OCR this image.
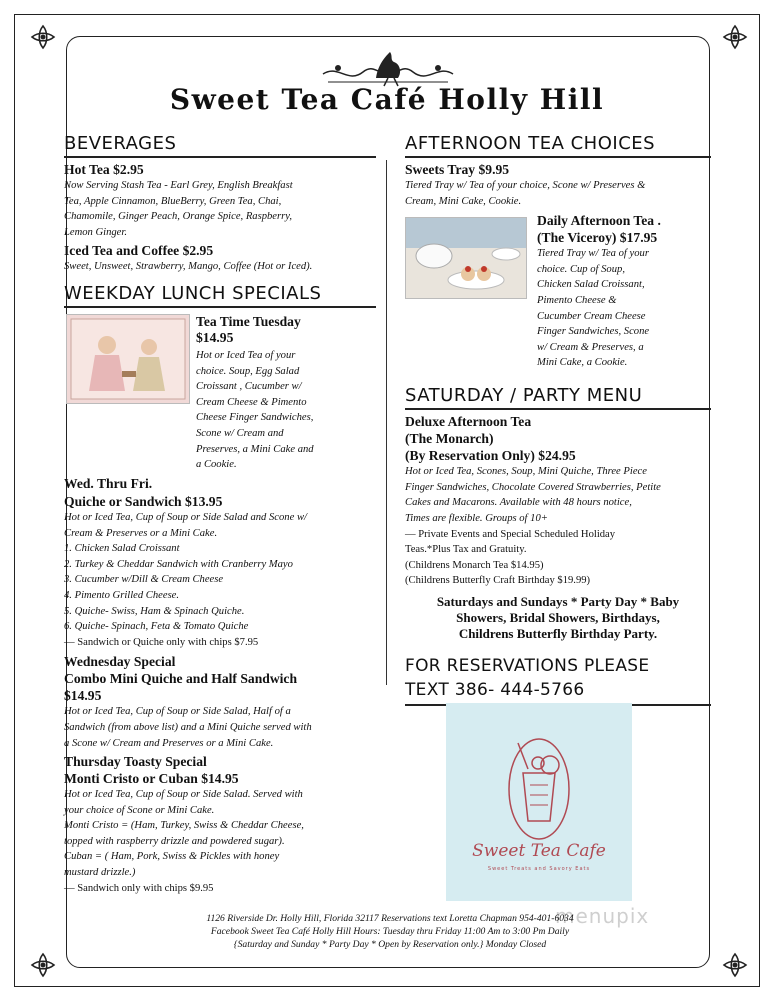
Sweet Tea Café Holly Hill
BEVERAGES
Hot Tea $2.95
Now Serving Stash Tea - Earl Grey, English Breakfast
Tea, Apple Cinnamon, BlueBerry, Green Tea, Chai,
Chamomile, Ginger Peach, Orange Spice, Raspberry,
Lemon Ginger.
Iced Tea and Coffee $2.95
Sweet, Unsweet, Strawberry, Mango, Coffee (Hot or Iced).
WEEKDAY LUNCH SPECIALS
Tea Time Tuesday
$14.95
Hot or Iced Tea of your
choice. Soup, Egg Salad
Croissant , Cucumber w/
Cream Cheese & Pimento
Cheese Finger Sandwiches,
Scone w/ Cream and
Preserves, a Mini Cake and
a Cookie.
Wed. Thru Fri.
Quiche or Sandwich $13.95
Hot or Iced Tea, Cup of Soup or Side Salad and Scone w/
Cream & Preserves or a Mini Cake.
1. Chicken Salad Croissant
2. Turkey & Cheddar Sandwich with Cranberry Mayo
3. Cucumber w/Dill & Cream Cheese
4. Pimento Grilled Cheese.
5. Quiche- Swiss, Ham & Spinach Quiche.
6. Quiche- Spinach, Feta & Tomato Quiche
— Sandwich or Quiche only with chips $7.95
Wednesday Special
Combo Mini Quiche and Half Sandwich
$14.95
Hot or Iced Tea, Cup of Soup or Side Salad, Half of a
Sandwich (from above list) and a Mini Quiche served with
a Scone w/ Cream and Preserves or a Mini Cake.
Thursday Toasty Special
Monti Cristo or Cuban $14.95
Hot or Iced Tea, Cup of Soup or Side Salad. Served with
your choice of Scone or Mini Cake.
Monti Cristo = (Ham, Turkey, Swiss & Cheddar Cheese,
topped with raspberry drizzle and powdered sugar).
Cuban = ( Ham, Pork, Swiss & Pickles with honey
mustard drizzle.)
— Sandwich only with chips $9.95
AFTERNOON TEA CHOICES
Sweets Tray $9.95
Tiered Tray w/ Tea of your choice, Scone w/ Preserves &
Cream, Mini Cake, Cookie.
Daily Afternoon Tea .
(The Viceroy) $17.95
Tiered Tray w/ Tea of your
choice. Cup of Soup,
Chicken Salad Croissant,
Pimento Cheese &
Cucumber Cream Cheese
Finger Sandwiches, Scone
w/ Cream & Preserves, a
Mini Cake, a Cookie.
SATURDAY / PARTY MENU
Deluxe Afternoon Tea
(The Monarch)
(By Reservation Only) $24.95
Hot or Iced Tea, Scones, Soup, Mini Quiche, Three Piece
Finger Sandwiches, Chocolate Covered Strawberries, Petite
Cakes and Macarons. Available with 48 hours notice,
Times are flexible. Groups of 10+
— Private Events and Special Scheduled Holiday
Teas.*Plus Tax and Gratuity.
(Childrens Monarch Tea $14.95)
(Childrens Butterfly Craft Birthday $19.99)
Saturdays and Sundays * Party Day * Baby
Showers, Bridal Showers, Birthdays,
Childrens Butterfly Birthday Party.
FOR RESERVATIONS PLEASE
TEXT 386- 444-5766
Sweet Tea Cafe
Sweet Treats and Savory Eats
menupix
1126 Riverside Dr. Holly Hill, Florida 32117 Reservations text Loretta Chapman 954-401-6034
Facebook Sweet Tea Café Holly Hill Hours: Tuesday thru Friday 11:00 Am to 3:00 Pm Daily
{Saturday and Sunday * Party Day * Open by Reservation only.} Monday Closed
